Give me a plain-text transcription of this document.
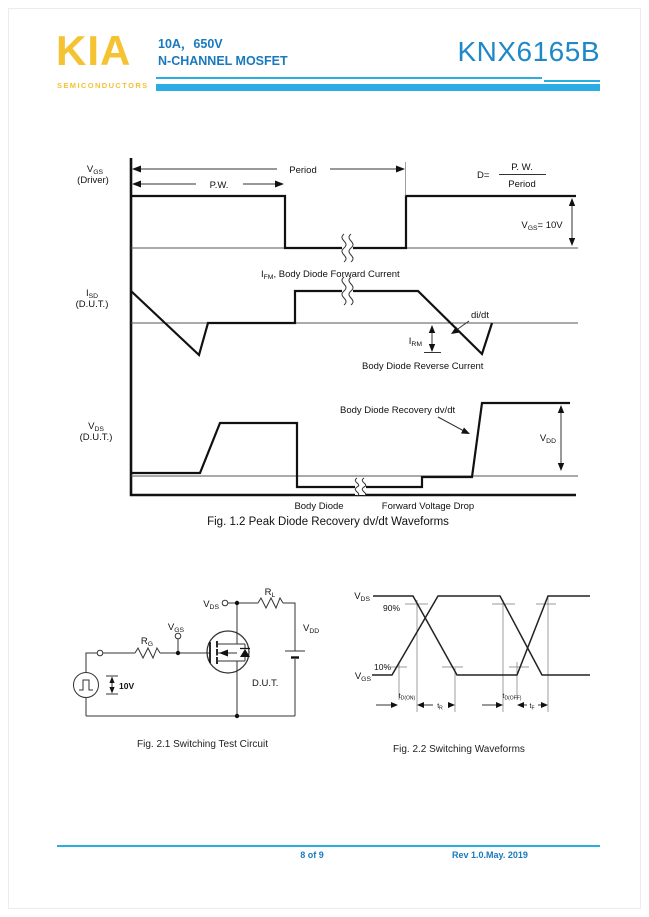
KIA
SEMICONDUCTORS
10A，650V
N-CHANNEL MOSFET	KNX6165B
$V_{GS}$
(Driver)
$I_{SD}$
(D.U.T.)
$V_{DS}$
(D.U.T.)
Period
P.W.
D=
P. W.
Period
$V_{GS}= 10V$
$I_{FM}$, Body Diode Forward Current
di/dt
$I_{RM}$
Body Diode Reverse Current
Body Diode Recovery dv/dt
$V_{DD}$
Body Diode	Forward Voltage Drop
Fig. 1.2 Peak Diode Recovery dv/dt Waveforms
10V
$R_G$
$V_{GS}$
D.U.T.
$V_{DS}$
$R_L$
$V_{DD}$
Fig. 2.1 Switching Test Circuit
$V_{DS}$
$V_{GS}$
90%
10%
$t_{D(ON)}$
$t_R$
$t_{D(OFF)}$
$t_F$
Fig. 2.2 Switching Waveforms
8 of 9	Rev 1.0.May. 2019
